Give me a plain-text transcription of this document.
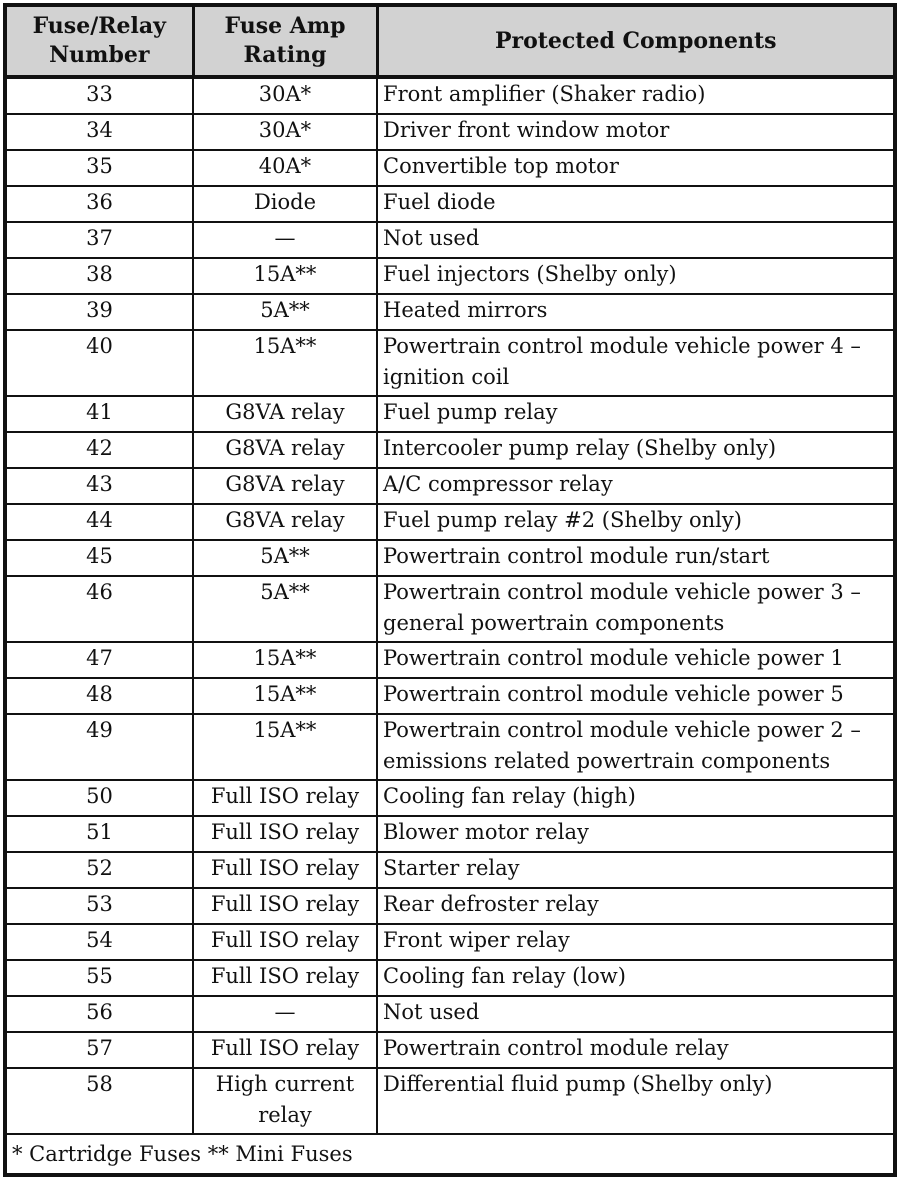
Fuse/Relay Number	Fuse Amp Rating	Protected Components
33	30A*	Front amplifier (Shaker radio)
34	30A*	Driver front window motor
35	40A*	Convertible top motor
36	Diode	Fuel diode
37	—	Not used
38	15A**	Fuel injectors (Shelby only)
39	5A**	Heated mirrors
40	15A**	Powertrain control module vehicle power 4 – ignition coil
41	G8VA relay	Fuel pump relay
42	G8VA relay	Intercooler pump relay (Shelby only)
43	G8VA relay	A/C compressor relay
44	G8VA relay	Fuel pump relay #2 (Shelby only)
45	5A**	Powertrain control module run/start
46	5A**	Powertrain control module vehicle power 3 – general powertrain components
47	15A**	Powertrain control module vehicle power 1
48	15A**	Powertrain control module vehicle power 5
49	15A**	Powertrain control module vehicle power 2 – emissions related powertrain components
50	Full ISO relay	Cooling fan relay (high)
51	Full ISO relay	Blower motor relay
52	Full ISO relay	Starter relay
53	Full ISO relay	Rear defroster relay
54	Full ISO relay	Front wiper relay
55	Full ISO relay	Cooling fan relay (low)
56	—	Not used
57	Full ISO relay	Powertrain control module relay
58	High current relay	Differential fluid pump (Shelby only)
* Cartridge Fuses ** Mini Fuses		
